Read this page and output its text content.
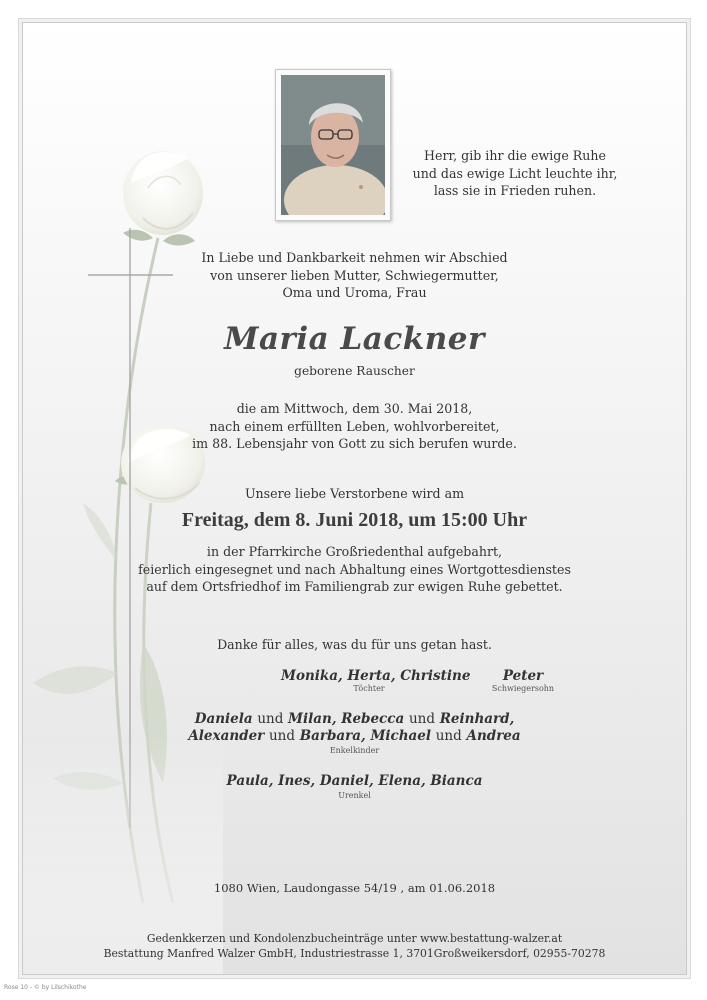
Herr, gib ihr die ewige Ruhe
und das ewige Licht leuchte ihr,
lass sie in Frieden ruhen.
In Liebe und Dankbarkeit nehmen wir Abschied
von unserer lieben Mutter, Schwiegermutter,
Oma und Uroma, Frau
Maria Lackner
geborene Rauscher
die am Mittwoch, dem 30. Mai 2018,
nach einem erfüllten Leben, wohlvorbereitet,
im 88. Lebensjahr von Gott zu sich berufen wurde.
Unsere liebe Verstorbene wird am
Freitag, dem 8. Juni 2018, um 15:00 Uhr
in der Pfarrkirche Großriedenthal aufgebahrt,
feierlich eingesegnet und nach Abhaltung eines Wortgottesdienstes
auf dem Ortsfriedhof im Familiengrab zur ewigen Ruhe gebettet.
Danke für alles, was du für uns getan hast.
Monika, Herta, Christine
Töchter
Peter
Schwiegersohn
Daniela und Milan, Rebecca und Reinhard,
Alexander und Barbara, Michael und Andrea
Enkelkinder
Paula, Ines, Daniel, Elena, Bianca
Urenkel
1080 Wien, Laudongasse 54/19 , am 01.06.2018
Gedenkkerzen und Kondolenzbucheinträge unter www.bestattung-walzer.at
Bestattung Manfred Walzer GmbH, Industriestrasse 1, 3701Großweikersdorf, 02955-70278
Rose 10 - © by Lilschikothe
